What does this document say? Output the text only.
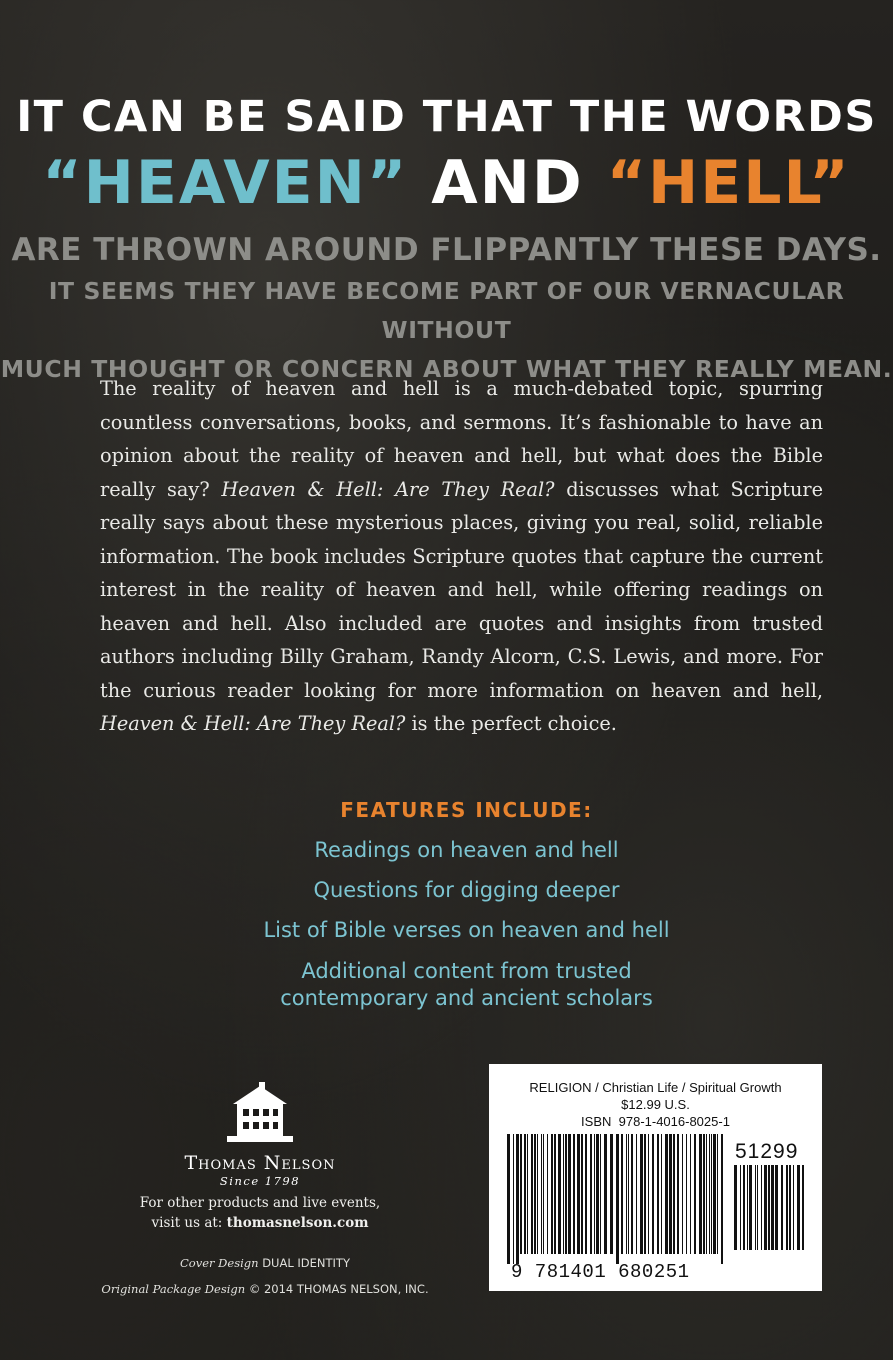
IT CAN BE SAID THAT THE WORDS
“HEAVEN” AND “HELL”
ARE THROWN AROUND FLIPPANTLY THESE DAYS.
IT SEEMS THEY HAVE BECOME PART OF OUR VERNACULAR WITHOUT
MUCH THOUGHT OR CONCERN ABOUT WHAT THEY REALLY MEAN.
The reality of heaven and hell is a much-debated topic, spurring countless conversations, books, and sermons. It’s fashionable to have an opinion about the reality of heaven and hell, but what does the Bible really say? Heaven & Hell: Are They Real? discusses what Scripture really says about these mysterious places, giving you real, solid, reliable information. The book includes Scripture quotes that capture the current interest in the reality of heaven and hell, while offering readings on heaven and hell. Also included are quotes and insights from trusted authors including Billy Graham, Randy Alcorn, C.S. Lewis, and more. For the curious reader looking for more information on heaven and hell, Heaven & Hell: Are They Real? is the perfect choice.
FEATURES INCLUDE:
Readings on heaven and hell
Questions for digging deeper
List of Bible verses on heaven and hell
Additional content from trusted
contemporary and ancient scholars
Thomas Nelson
Since 1798
For other products and live events,
visit us at: thomasnelson.com
Cover Design DUAL IDENTITY
Original Package Design © 2014 THOMAS NELSON, INC.
RELIGION / Christian Life / Spiritual Growth
$12.99 U.S.
ISBN 978-1-4016-8025-1
51299
9 781401 680251
